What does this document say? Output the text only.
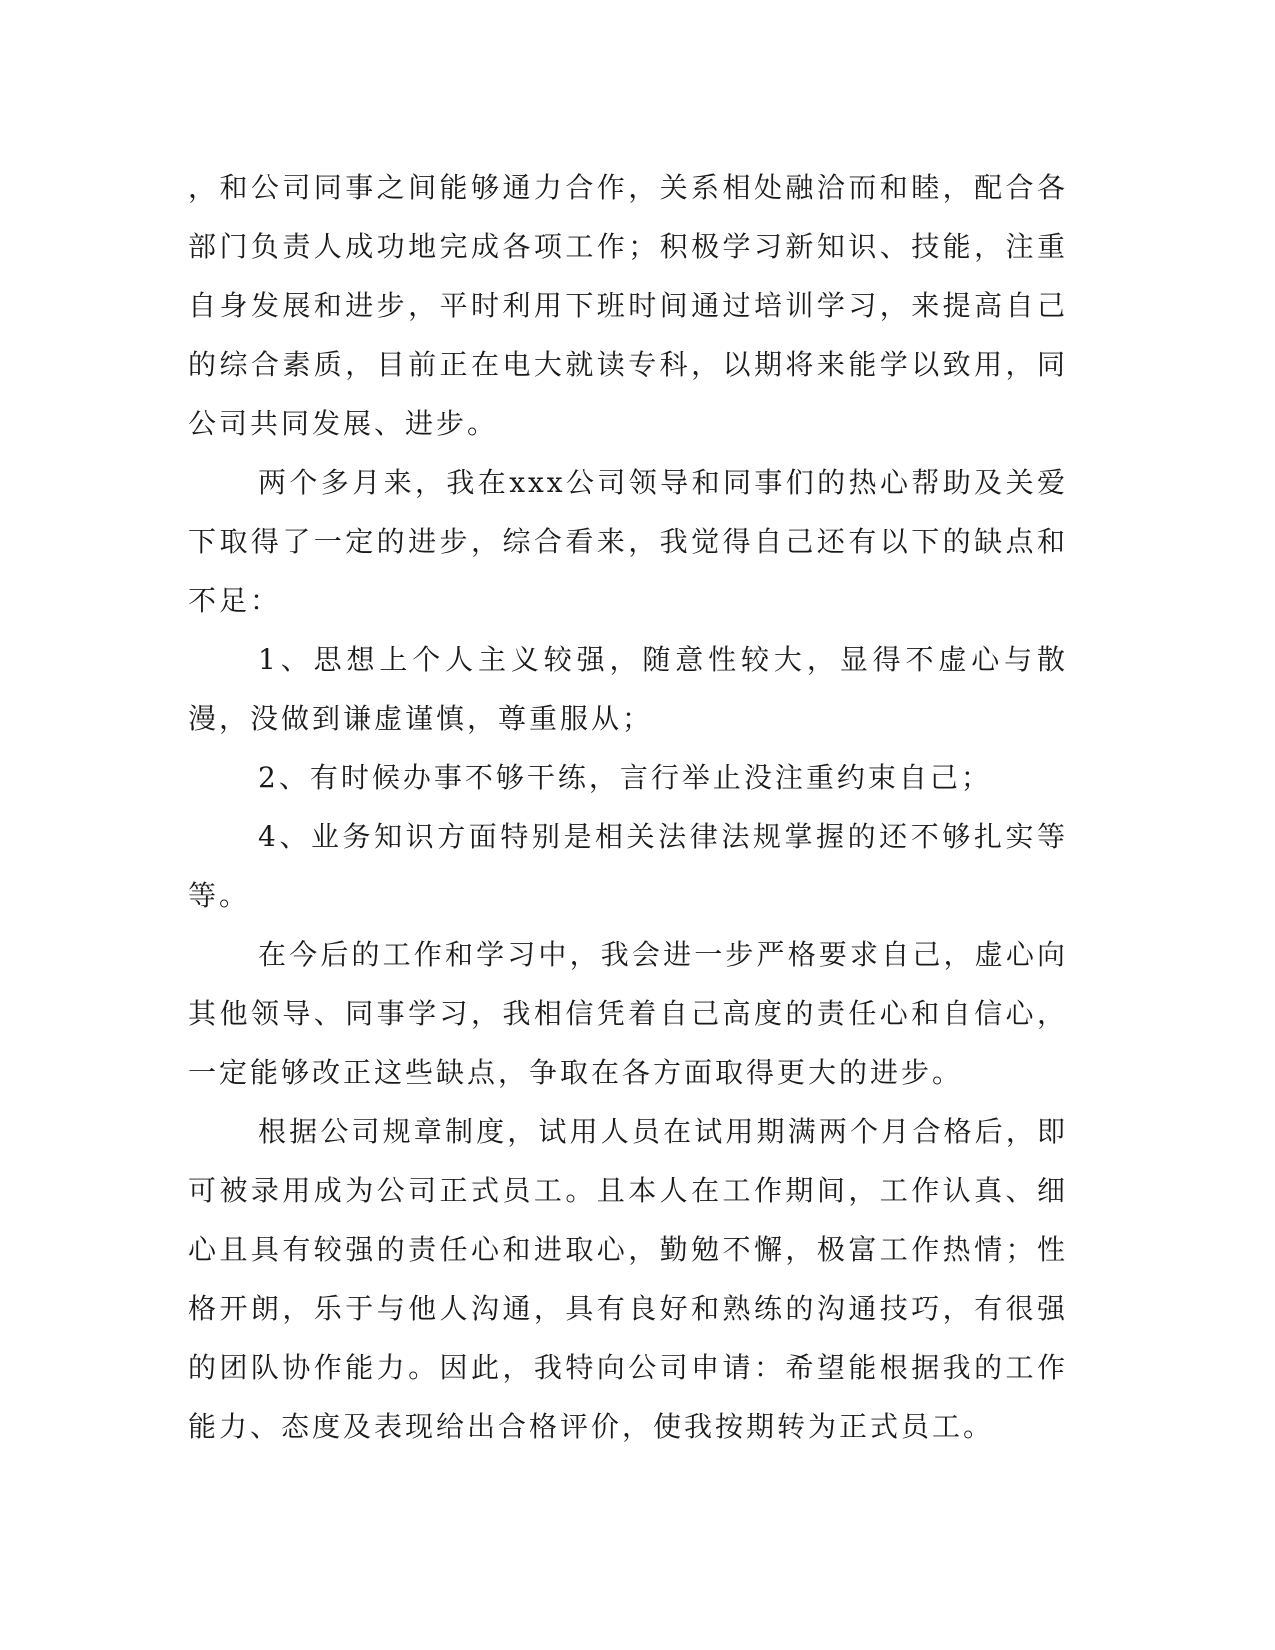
，和公司同事之间能够通力合作，关系相处融洽而和睦，配合各部门负责人成功地完成各项工作；积极学习新知识、技能，注重自身发展和进步，平时利用下班时间通过培训学习，来提高自己的综合素质，目前正在电大就读专科，以期将来能学以致用，同公司共同发展、进步。

两个多月来，我在xxx公司领导和同事们的热心帮助及关爱下取得了一定的进步，综合看来，我觉得自己还有以下的缺点和不足：

1、思想上个人主义较强，随意性较大，显得不虚心与散漫，没做到谦虚谨慎，尊重服从；

2、有时候办事不够干练，言行举止没注重约束自己；

4、业务知识方面特别是相关法律法规掌握的还不够扎实等等。

在今后的工作和学习中，我会进一步严格要求自己，虚心向其他领导、同事学习，我相信凭着自己高度的责任心和自信心，一定能够改正这些缺点，争取在各方面取得更大的进步。

根据公司规章制度，试用人员在试用期满两个月合格后，即可被录用成为公司正式员工。且本人在工作期间，工作认真、细心且具有较强的责任心和进取心，勤勉不懈，极富工作热情；性格开朗，乐于与他人沟通，具有良好和熟练的沟通技巧，有很强的团队协作能力。因此，我特向公司申请：希望能根据我的工作能力、态度及表现给出合格评价，使我按期转为正式员工。
